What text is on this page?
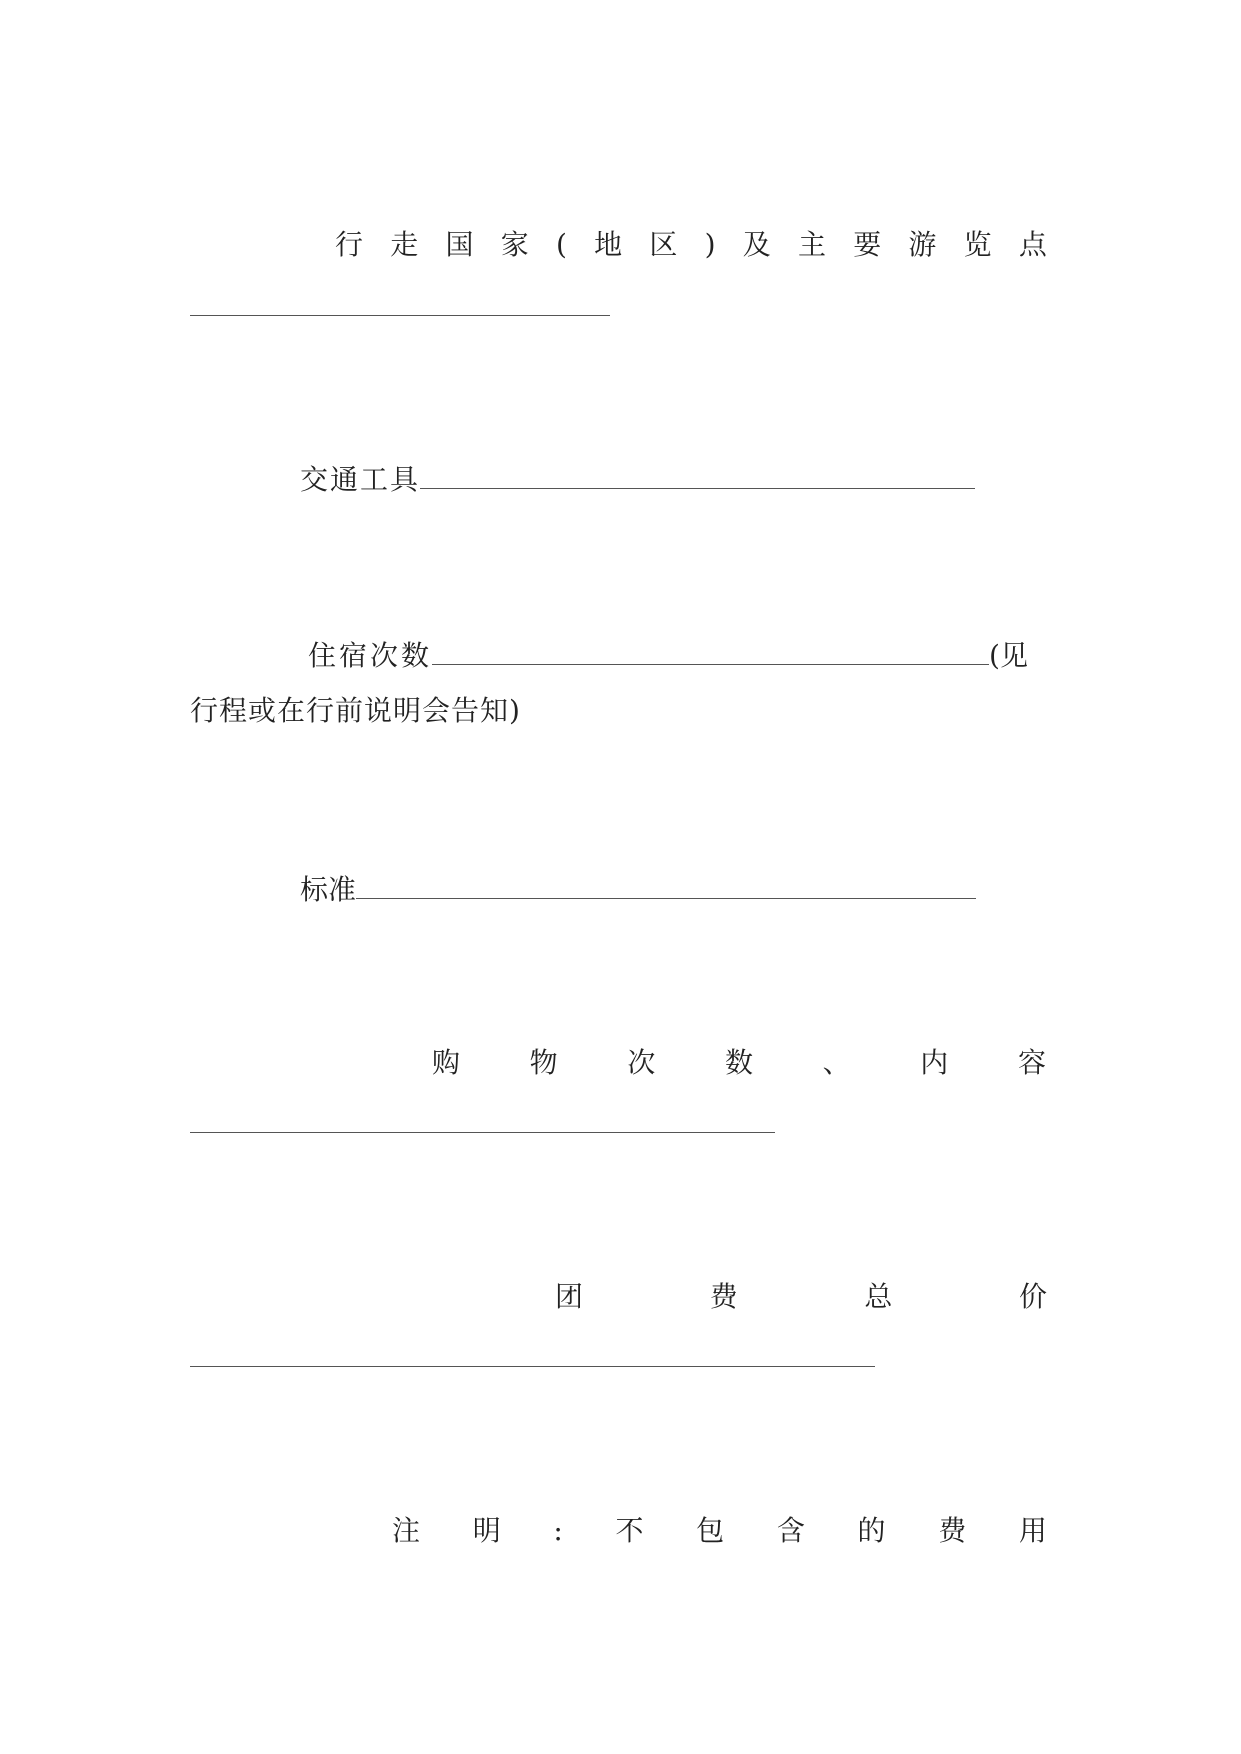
行 走 国 家 ( 地 区 ) 及 主 要 游 览 点
交通工具
住宿次数	(见
行程或在行前说明会告知)
标准
购 物 次 数 、 内 容
团	费	总	价
注 明 : 不 包 含 的 费 用
